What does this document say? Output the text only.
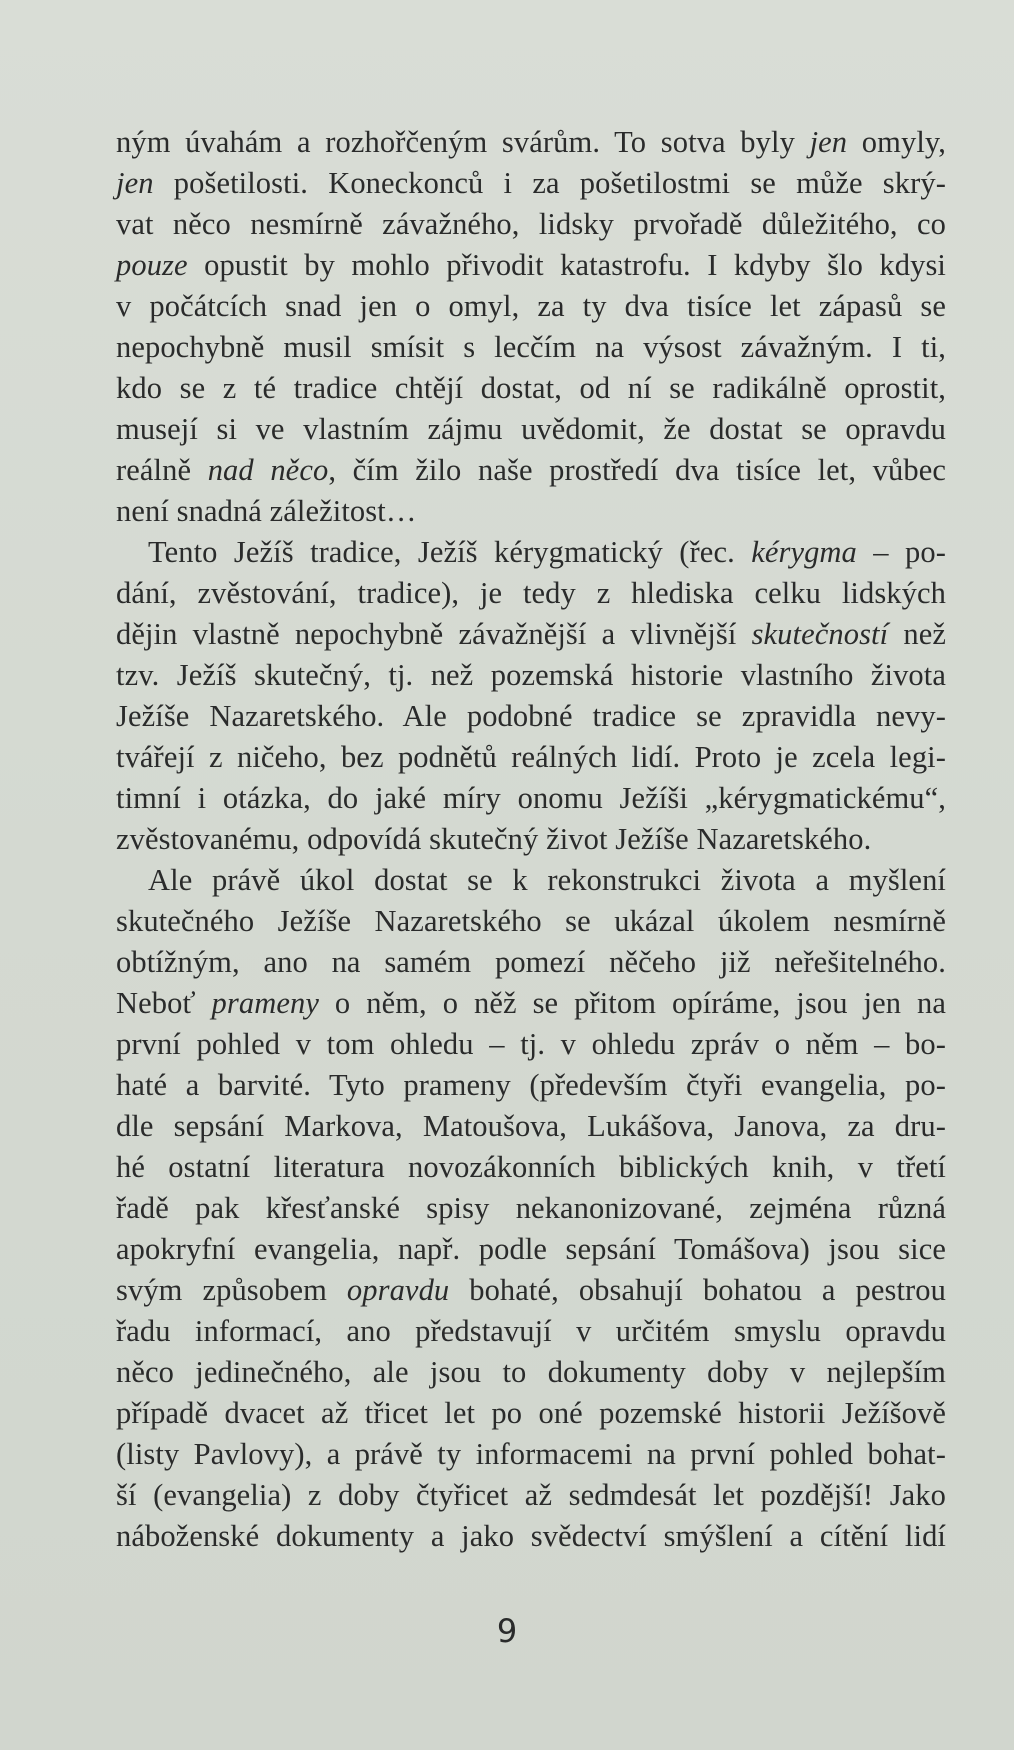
ným úvahám a rozhořčeným svárům. To sotva byly jen omyly,
jen pošetilosti. Koneckonců i za pošetilostmi se může skrý-
vat něco nesmírně závažného, lidsky prvořadě důležitého, co
pouze opustit by mohlo přivodit katastrofu. I kdyby šlo kdysi
v počátcích snad jen o omyl, za ty dva tisíce let zápasů se
nepochybně musil smísit s lecčím na výsost závažným. I ti,
kdo se z té tradice chtějí dostat, od ní se radikálně oprostit,
musejí si ve vlastním zájmu uvědomit, že dostat se opravdu
reálně nad něco, čím žilo naše prostředí dva tisíce let, vůbec
není snadná záležitost…
Tento Ježíš tradice, Ježíš kérygmatický (řec. kérygma – po-
dání, zvěstování, tradice), je tedy z hlediska celku lidských
dějin vlastně nepochybně závažnější a vlivnější skutečností než
tzv. Ježíš skutečný, tj. než pozemská historie vlastního života
Ježíše Nazaretského. Ale podobné tradice se zpravidla nevy-
tvářejí z ničeho, bez podnětů reálných lidí. Proto je zcela legi-
timní i otázka, do jaké míry onomu Ježíši „kérygmatickému“,
zvěstovanému, odpovídá skutečný život Ježíše Nazaretského.
Ale právě úkol dostat se k rekonstrukci života a myšlení
skutečného Ježíše Nazaretského se ukázal úkolem nesmírně
obtížným, ano na samém pomezí něčeho již neřešitelného.
Neboť prameny o něm, o něž se přitom opíráme, jsou jen na
první pohled v tom ohledu – tj. v ohledu zpráv o něm – bo-
haté a barvité. Tyto prameny (především čtyři evangelia, po-
dle sepsání Markova, Matoušova, Lukášova, Janova, za dru-
hé ostatní literatura novozákonních biblických knih, v třetí
řadě pak křesťanské spisy nekanonizované, zejména různá
apokryfní evangelia, např. podle sepsání Tomášova) jsou sice
svým způsobem opravdu bohaté, obsahují bohatou a pestrou
řadu informací, ano představují v určitém smyslu opravdu
něco jedinečného, ale jsou to dokumenty doby v nejlepším
případě dvacet až třicet let po oné pozemské historii Ježíšově
(listy Pavlovy), a právě ty informacemi na první pohled bohat-
ší (evangelia) z doby čtyřicet až sedmdesát let pozdější! Jako
náboženské dokumenty a jako svědectví smýšlení a cítění lidí
9
